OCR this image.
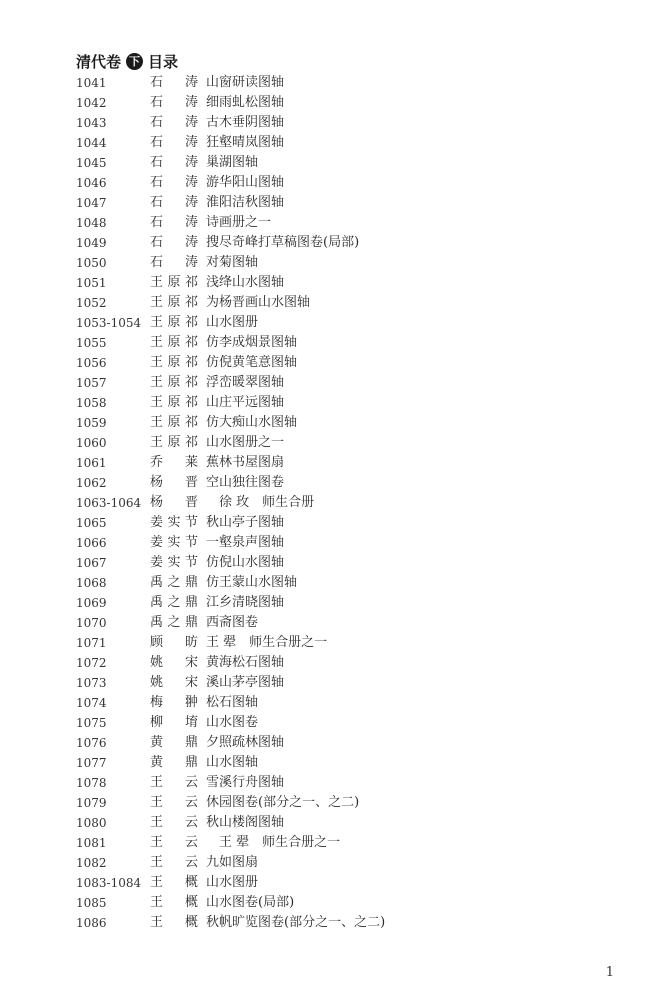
清代卷 下 目录
1041	石 涛 山窗研读图轴
1042	石 涛 细雨虬松图轴
1043	石 涛 古木垂阴图轴
1044	石 涛 狂壑晴岚图轴
1045	石 涛 巢湖图轴
1046	石 涛 游华阳山图轴
1047	石 涛 淮阳洁秋图轴
1048	石 涛 诗画册之一
1049	石 涛 搜尽奇峰打草稿图卷(局部)
1050	石 涛 对菊图轴
1051	王原祁 浅绛山水图轴
1052	王原祁 为杨晋画山水图轴
1053-1054 王原祁 山水图册
1055	王原祁 仿李成烟景图轴
1056	王原祁 仿倪黄笔意图轴
1057	王原祁 浮峦暖翠图轴
1058	王原祁 山庄平远图轴
1059	王原祁 仿大痴山水图轴
1060	王原祁 山水图册之一
1061	乔 莱 蕉林书屋图扇
1062	杨 晋 空山独往图卷
1063-1064 杨 晋 　徐 玫　师生合册
1065	姜实节 秋山亭子图轴
1066	姜实节 一壑泉声图轴
1067	姜实节 仿倪山水图轴
1068	禹之鼎 仿王蒙山水图轴
1069	禹之鼎 江乡清晓图轴
1070	禹之鼎 西斋图卷
1071	顾 昉 王 翚　师生合册之一
1072	姚 宋 黄海松石图轴
1073	姚 宋 溪山茅亭图轴
1074	梅 翀 松石图轴
1075	柳 堉 山水图卷
1076	黄 鼎 夕照疏林图轴
1077	黄 鼎 山水图轴
1078	王 云 雪溪行舟图轴
1079	王 云 休园图卷(部分之一、之二)
1080	王 云 秋山楼阁图轴
1081	王 云 　王 翚　师生合册之一
1082	王 云 九如图扇
1083-1084 王 概 山水图册
1085	王 概 山水图卷(局部)
1086	王 概 秋帆旷览图卷(部分之一、之二)
1
